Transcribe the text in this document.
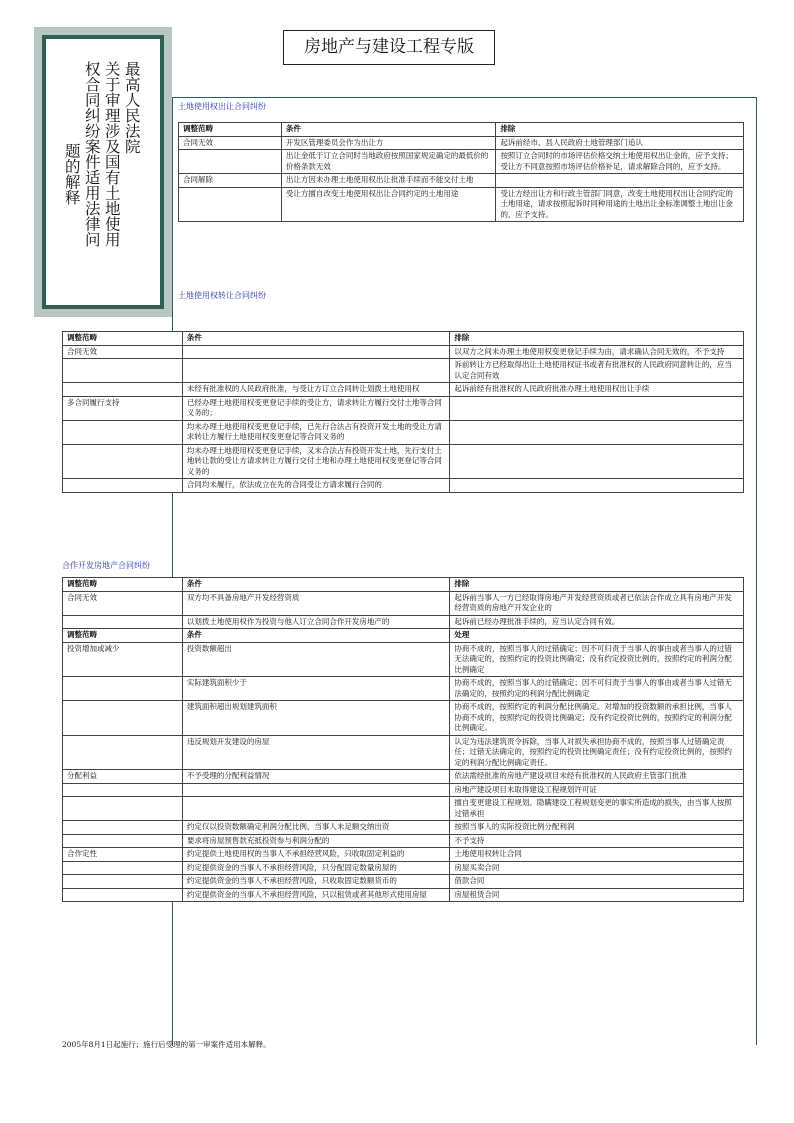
最高人民法院
关于审理涉及国有土地使用
权合同纠纷案件适用法律问
题的解释
房地产与建设工程专版
土地使用权出让合同纠纷
调整范畴	条件	排除
合同无效	开发区管理委员会作为出让方	起诉前经市、县人民政府土地管理部门追认
	出让金低于订立合同时当地政府按照国家规定确定的最低价的价格条款无效	按照订立合同时的市场评估价格交纳土地使用权出让金的，应予支持；受让方不同意按照市场评估价格补足，请求解除合同的，应予支持。
合同解除	出让方因未办理土地使用权出让批准手续而不能交付土地	
	受让方擅自改变土地使用权出让合同约定的土地用途	受让方经出让方和行政主管部门同意，改变土地使用权出让合同约定的土地用途，请求按照起诉时同种用途的土地出让金标准调整土地出让金的，应予支持。
土地使用权转让合同纠纷
调整范畴	条件	排除
合同无效		以双方之间未办理土地使用权变更登记手续为由，请求确认合同无效的，不予支持
		诉前转让方已经取得出让土地使用权证书或者有批准权的人民政府同意转让的，应当认定合同有效
	未经有批准权的人民政府批准，与受让方订立合同转让划拨土地使用权	起诉前经有批准权的人民政府批准办理土地使用权出让手续
多合同履行支持	已经办理土地使用权变更登记手续的受让方，请求转让方履行交付土地等合同义务的；	
	均未办理土地使用权变更登记手续，已先行合法占有投资开发土地的受让方请求转让方履行土地使用权变更登记等合同义务的	
	均未办理土地使用权变更登记手续，又未合法占有投资开发土地，先行支付土地转让款的受让方请求转让方履行交付土地和办理土地使用权变更登记等合同义务的	
	合同均未履行，依法成立在先的合同受让方请求履行合同的	
合作开发房地产合同纠纷
调整范畴	条件	排除
合同无效	双方均不具备房地产开发经营资质	起诉前当事人一方已经取得房地产开发经营资质或者已依法合作成立具有房地产开发经营资质的房地产开发企业的
	以划拨土地使用权作为投资与他人订立合同合作开发房地产的	起诉前已经办理批准手续的，应当认定合同有效。
调整范畴	条件	处理
投资增加或减少	投资数额超出	协商不成的，按照当事人的过错确定；因不可归责于当事人的事由或者当事人的过错无法确定的，按照约定的投资比例确定；没有约定投资比例的，按照约定的利润分配比例确定
	实际建筑面积少于	协商不成的，按照当事人的过错确定；因不可归责于当事人的事由或者当事人过错无法确定的，按照约定的利润分配比例确定
	建筑面积超出规划建筑面积	协商不成的，按照约定的利润分配比例确定。对增加的投资数额的承担比例，当事人协商不成的，按照约定的投资比例确定；没有约定投资比例的，按照约定的利润分配比例确定。
	违反规划开发建设的房屋	认定为违法建筑责令拆除，当事人对损失承担协商不成的，按照当事人过错确定责任；过错无法确定的，按照约定的投资比例确定责任；没有约定投资比例的，按照约定的利润分配比例确定责任。
分配利益	不予受理的分配利益情况	依法需经批准的房地产建设项目未经有批准权的人民政府主管部门批准
		房地产建设项目未取得建设工程规划许可证
		擅自变更建设工程规划。隐瞒建设工程规划变更的事实所造成的损失，由当事人按照过错承担
	约定仅以投资数额确定利润分配比例，当事人未足额交纳出资	按照当事人的实际投资比例分配利润
	要求将房屋预售款充抵投资参与利润分配的	不予支持
合作定性	约定提供土地使用权的当事人不承担经营风险，只收取固定利益的	土地使用权转让合同
	约定提供资金的当事人不承担经营风险，只分配固定数量房屋的	房屋买卖合同
	约定提供资金的当事人不承担经营风险，只收取固定数额货币的	借款合同
	约定提供资金的当事人不承担经营风险，只以租赁或者其他形式使用房屋	房屋租赁合同
2005年8月1日起施行；施行后受理的第一审案件适用本解释。
